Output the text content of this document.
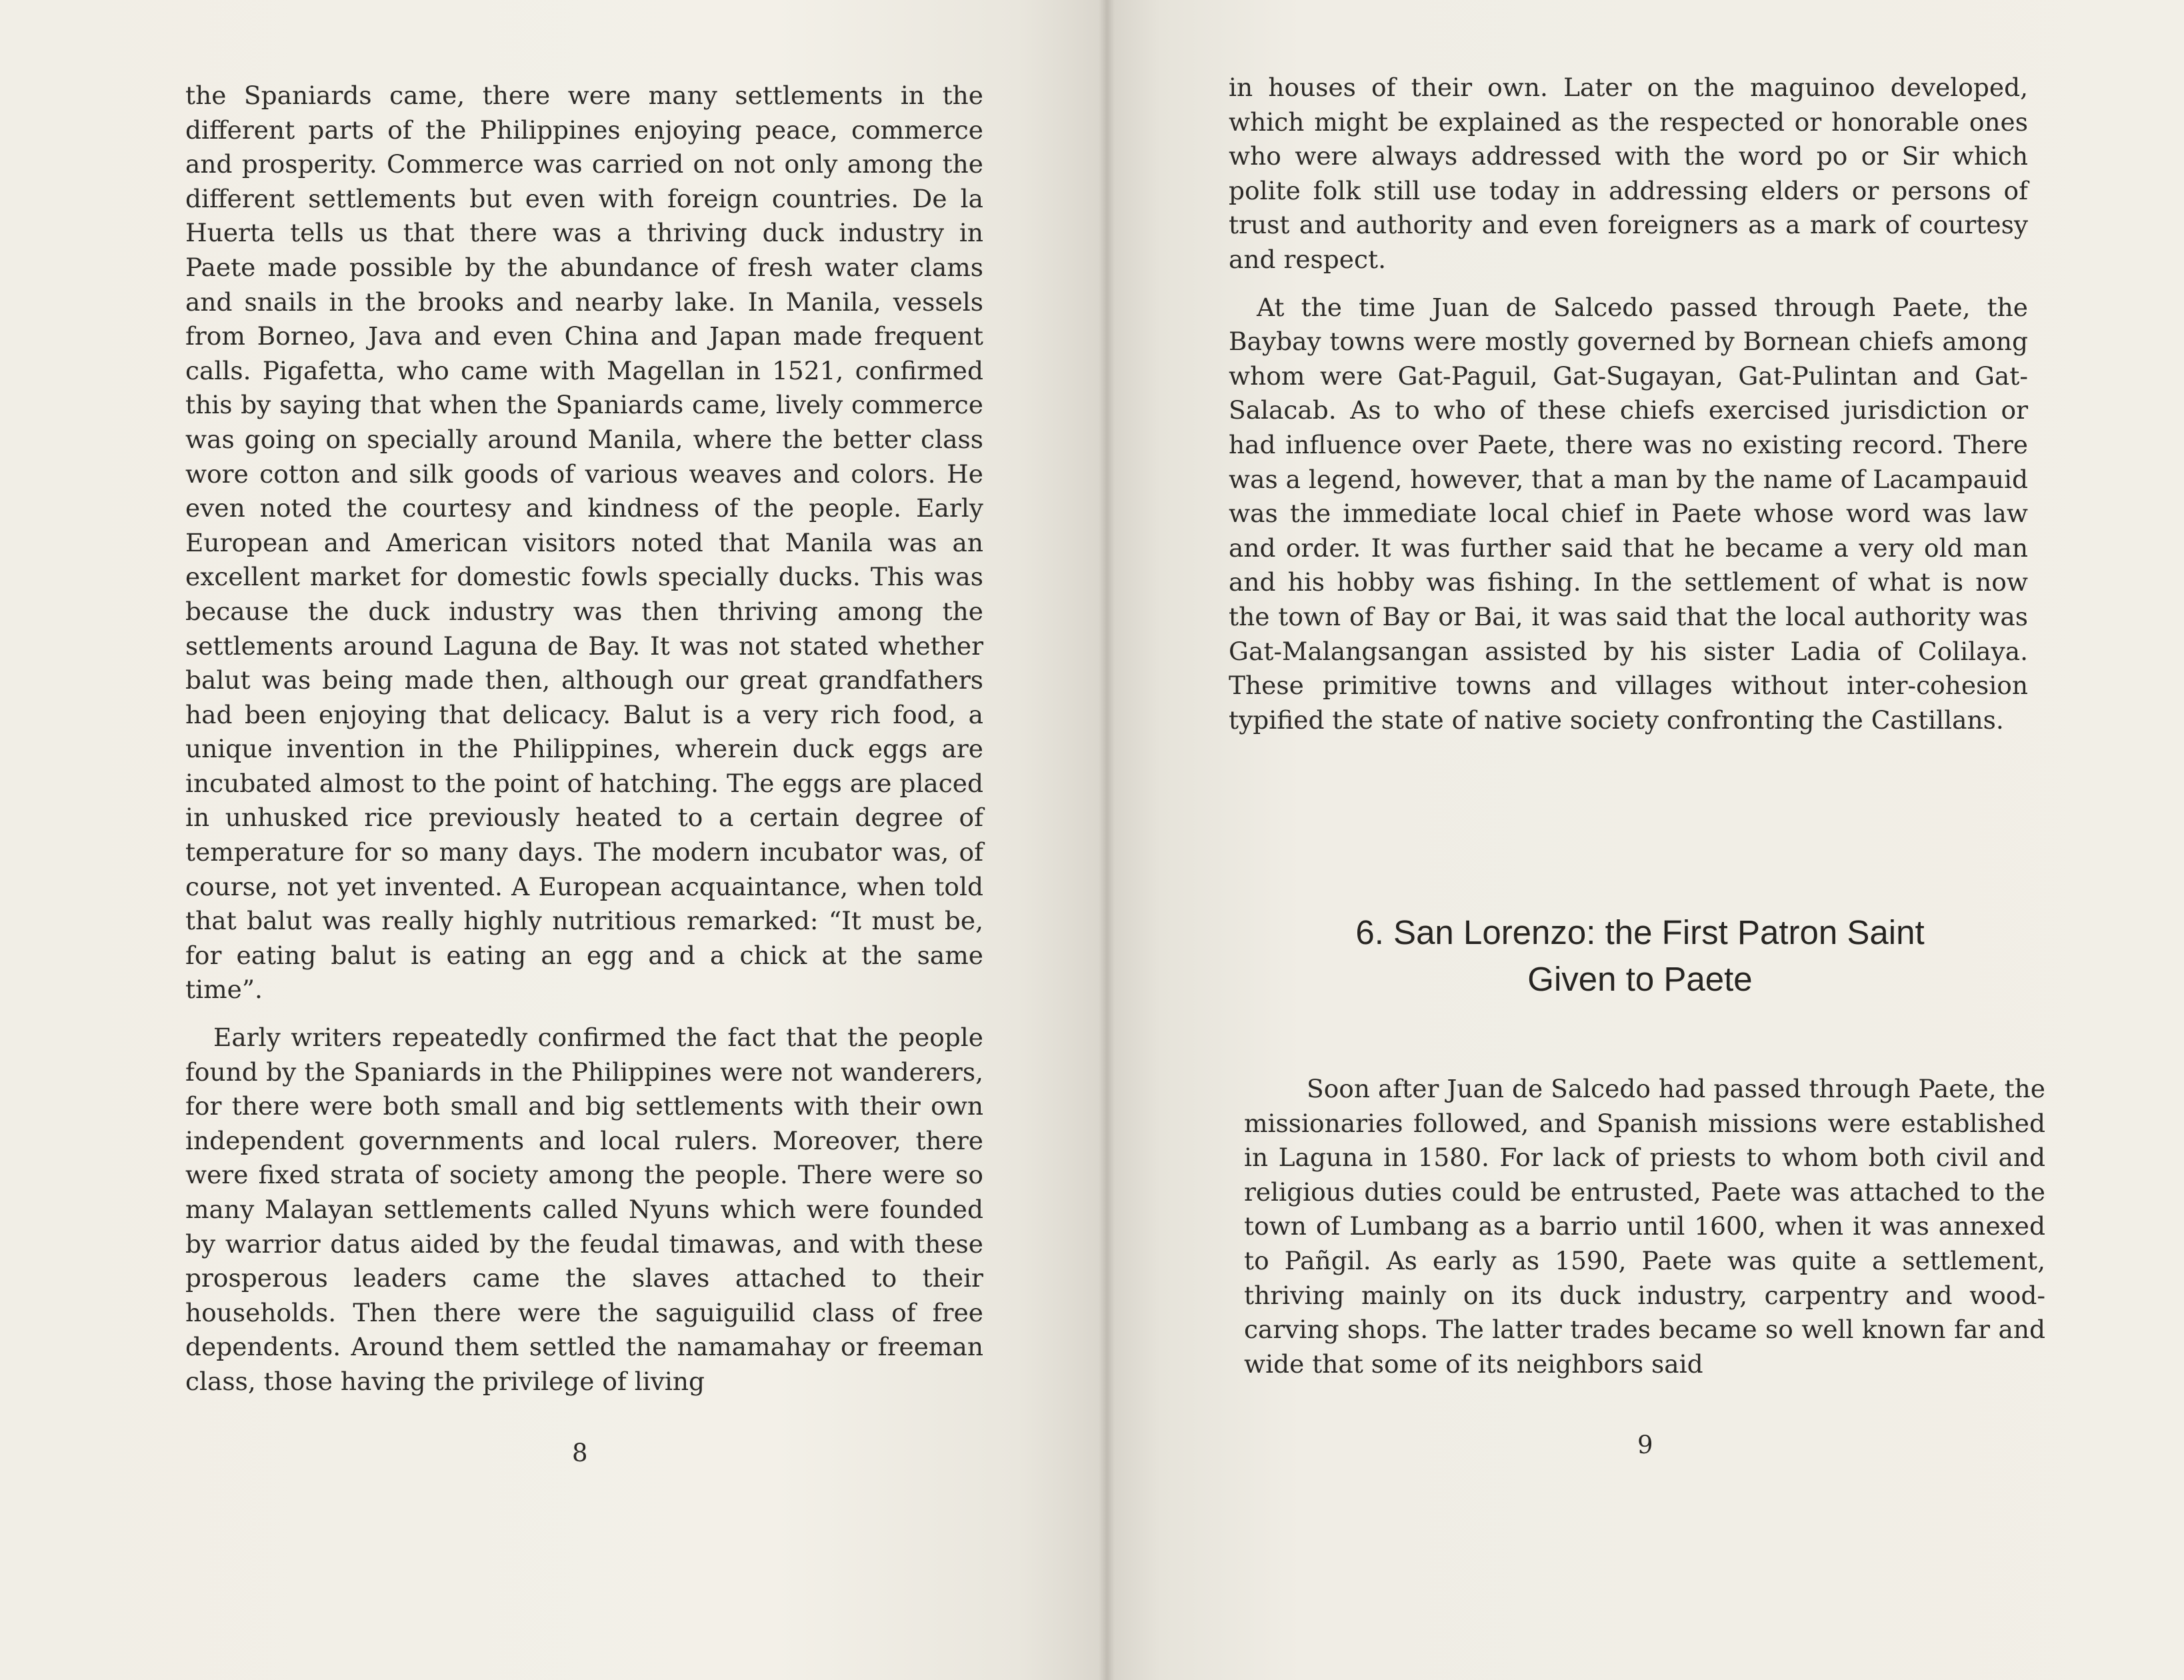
the Spaniards came, there were many settlements in the different parts of the Philippines enjoying peace, commerce and prosperity. Commerce was carried on not only among the different settlements but even with foreign countries. De la Huerta tells us that there was a thriving duck industry in Paete made possible by the abundance of fresh water clams and snails in the brooks and nearby lake. In Manila, vessels from Borneo, Java and even China and Japan made frequent calls. Pigafetta, who came with Magellan in 1521, confirmed this by saying that when the Spaniards came, lively commerce was going on specially around Manila, where the better class wore cotton and silk goods of various weaves and colors. He even noted the courtesy and kindness of the people. Early European and American visitors noted that Manila was an excellent market for domestic fowls specially ducks. This was because the duck industry was then thriving among the settlements around Laguna de Bay. It was not stated whether balut was being made then, although our great grandfathers had been enjoying that delicacy. Balut is a very rich food, a unique invention in the Philippines, wherein duck eggs are incubated almost to the point of hatching. The eggs are placed in unhusked rice previously heated to a certain degree of temperature for so many days. The modern incubator was, of course, not yet invented. A European acquaintance, when told that balut was really highly nutritious remarked: “It must be, for eating balut is eating an egg and a chick at the same time”.

Early writers repeatedly confirmed the fact that the people found by the Spaniards in the Philippines were not wanderers, for there were both small and big settlements with their own independent governments and local rulers. Moreover, there were fixed strata of society among the people. There were so many Malayan settlements called Nyuns which were founded by warrior datus aided by the feudal timawas, and with these prosperous leaders came the slaves attached to their households. Then there were the saguiguilid class of free dependents. Around them settled the namamahay or freeman class, those having the privilege of living

8

in houses of their own. Later on the maguinoo developed, which might be explained as the respected or honorable ones who were always addressed with the word po or Sir which polite folk still use today in addressing elders or persons of trust and authority and even foreigners as a mark of courtesy and respect.

At the time Juan de Salcedo passed through Paete, the Baybay towns were mostly governed by Bornean chiefs among whom were Gat-Paguil, Gat-Sugayan, Gat-Pulintan and Gat-Salacab. As to who of these chiefs exercised jurisdiction or had influence over Paete, there was no existing record. There was a legend, however, that a man by the name of Lacampauid was the immediate local chief in Paete whose word was law and order. It was further said that he became a very old man and his hobby was fishing. In the settlement of what is now the town of Bay or Bai, it was said that the local authority was Gat-Malangsangan assisted by his sister Ladia of Colilaya. These primitive towns and villages without inter-cohesion typified the state of native society confronting the Castillans.

6. San Lorenzo: the First Patron Saint
Given to Paete

Soon after Juan de Salcedo had passed through Paete, the missionaries followed, and Spanish missions were established in Laguna in 1580. For lack of priests to whom both civil and religious duties could be entrusted, Paete was attached to the town of Lumbang as a barrio until 1600, when it was annexed to Pañgil. As early as 1590, Paete was quite a settlement, thriving mainly on its duck industry, carpentry and wood-carving shops. The latter trades became so well known far and wide that some of its neighbors said

9
